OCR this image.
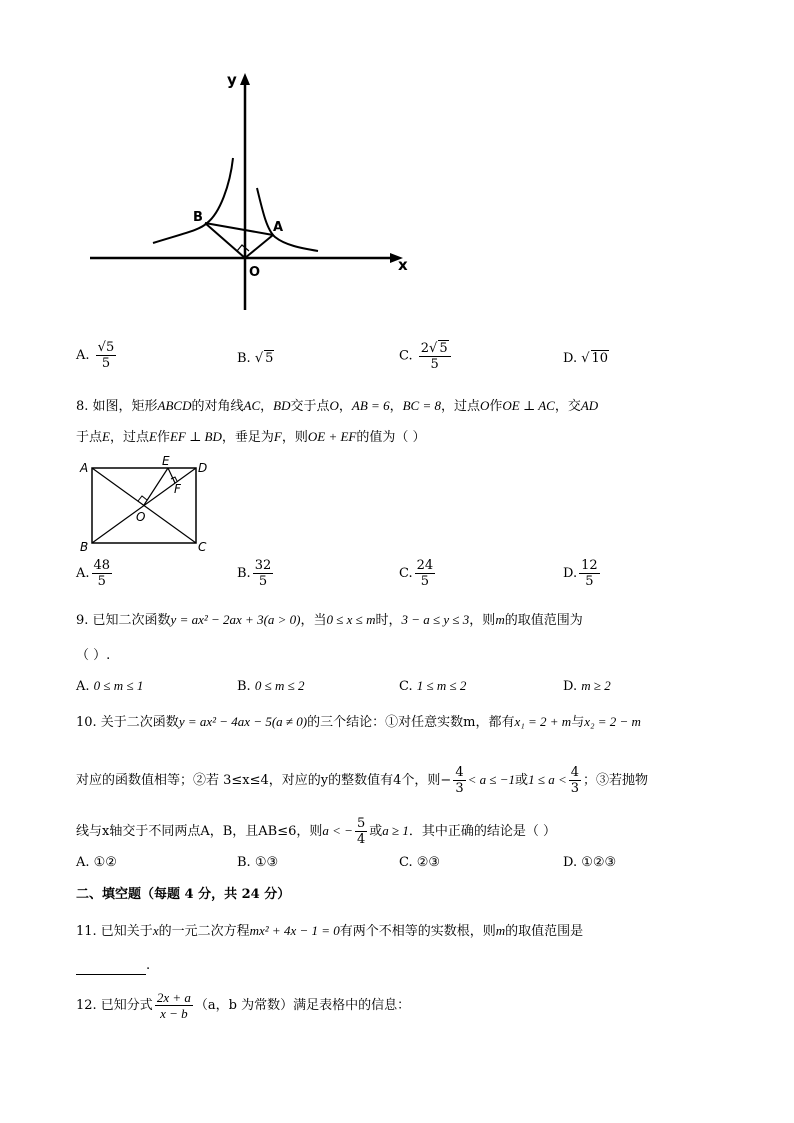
y
x
O
B
A
A. $\frac{√5}{5}$	B. √ 5	C. $\frac{2√ 5}{5}$	D. √ 10
8. 如图，矩形ABCD的对角线AC，BD交于点O，AB = 6，BC = 8，过点O作OE ⊥ AC，交AD
于点E，过点E作EF ⊥ BD，垂足为F，则OE + EF的值为（ ）
A
B	C
D
E
F
O
A. $\frac{48}{5}$	B. $\frac{32}{5}$	C. $\frac{24}{5}$	D. $\frac{12}{5}$
9. 已知二次函数y = ax² − 2ax + 3(a > 0)，当0 ≤ x ≤ m时，3 − a ≤ y ≤ 3，则m的取值范围为
（ ）.
A. 0 ≤ m ≤ 1	B. 0 ≤ m ≤ 2	C. 1 ≤ m ≤ 2	D. m ≥ 2
10. 关于二次函数y = ax² − 4ax − 5(a ≠ 0)的三个结论：①对任意实数m，都有x₁ = 2 + m与x₂ = 2 − m
对应的函数值相等；②若 3≤x≤4，对应的y的整数值有4个，则− $\frac{4}{3} < a \le -1$或$1 \le a < \frac{4}{3}$ ；③若抛物
线与x轴交于不同两点A，B，且AB≤6，则a < − $\frac{5}{4}$ 或a ≥ 1．其中正确的结论是（ ）
A. ①②	B. ①③	C. ②③	D. ①②③
二、填空题（每题 4 分，共 24 分）
11. 已知关于x的一元二次方程mx² + 4x − 1 = 0有两个不相等的实数根，则m的取值范围是
.
12. 已知分式 $\frac{2x + a}{x - b} (a$，b 为常数）满足表格中的信息：
